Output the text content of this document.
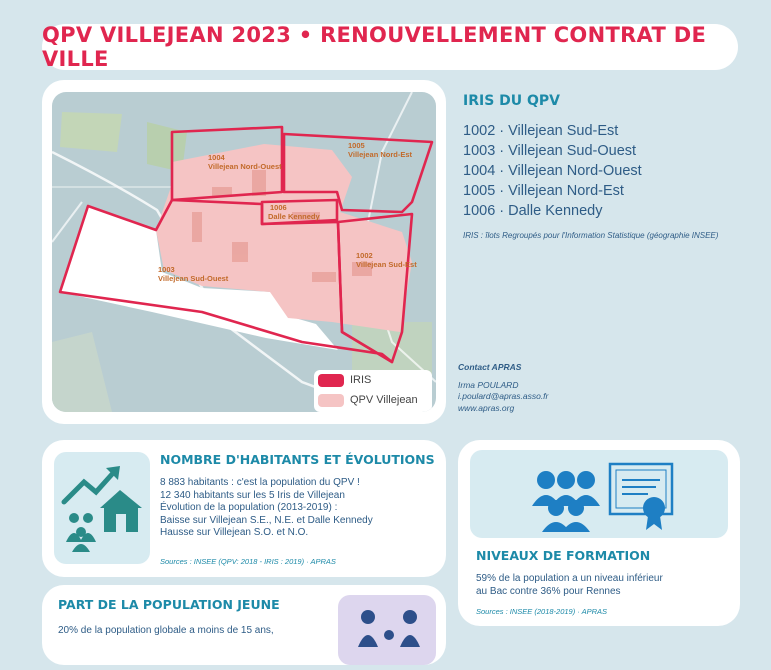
QPV VILLEJEAN 2023 • RENOUVELLEMENT CONTRAT DE VILLE
1004
Villejean Nord-Ouest
1005
Villejean Nord-Est
1006
Dalle Kennedy
1003
Villejean Sud-Ouest
1002
Villejean Sud-Est
IRIS
QPV Villejean
IRIS DU QPV
1002 · Villejean Sud-Est
1003 · Villejean Sud-Ouest
1004 · Villejean Nord-Ouest
1005 · Villejean Nord-Est
1006 · Dalle Kennedy
IRIS : îlots Regroupés pour l'Information Statistique (géographie INSEE)
Contact APRAS
Irma POULARD
i.poulard@apras.asso.fr
www.apras.org
NOMBRE D'HABITANTS ET ÉVOLUTIONS
8 883 habitants : c'est la population du QPV !
12 340 habitants sur les 5 Iris de Villejean
Évolution de la population (2013-2019) :
Baisse sur Villejean S.E., N.E. et Dalle Kennedy
Hausse sur Villejean S.O. et N.O.
Sources : INSEE (QPV: 2018 - IRIS : 2019) · APRAS	NIVEAUX DE FORMATION
59% de la population a un niveau inférieur
au Bac contre 36% pour Rennes
Sources : INSEE (2018-2019) · APRAS
PART DE LA POPULATION JEUNE
20% de la population globale a moins de 15 ans,
